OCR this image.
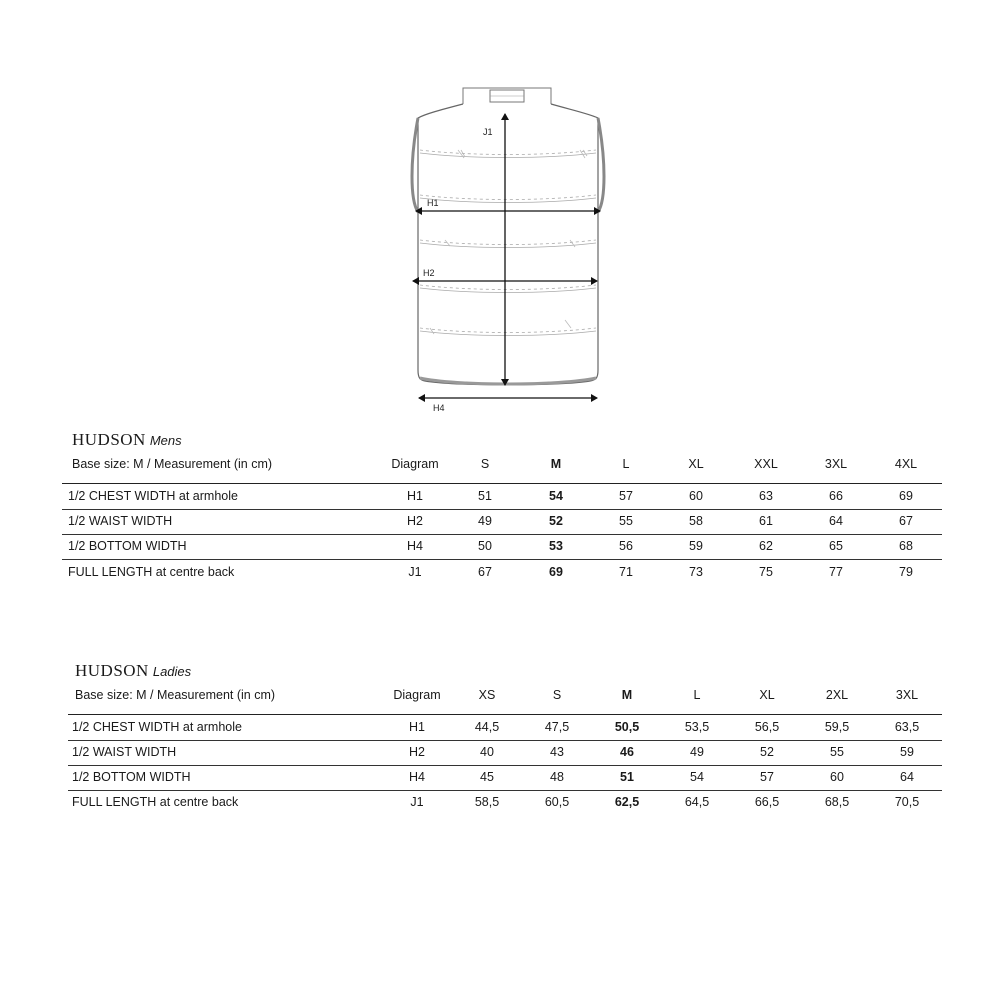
J1
H1
H2
H4
HUDSON Mens
Base size: M / Measurement (in cm)	Diagram	S	M	L	XL	XXL	3XL	4XL
1/2 CHEST WIDTH at armhole	H1	51	54	57	60	63	66	69
1/2 WAIST WIDTH	H2	49	52	55	58	61	64	67
1/2 BOTTOM WIDTH	H4	50	53	56	59	62	65	68
FULL LENGTH at centre back	J1	67	69	71	73	75	77	79
HUDSON Ladies
Base size: M / Measurement (in cm)	Diagram	XS	S	M	L	XL	2XL	3XL
1/2 CHEST WIDTH at armhole	H1	44,5	47,5	50,5	53,5	56,5	59,5	63,5
1/2 WAIST WIDTH	H2	40	43	46	49	52	55	59
1/2 BOTTOM WIDTH	H4	45	48	51	54	57	60	64
FULL LENGTH at centre back	J1	58,5	60,5	62,5	64,5	66,5	68,5	70,5
